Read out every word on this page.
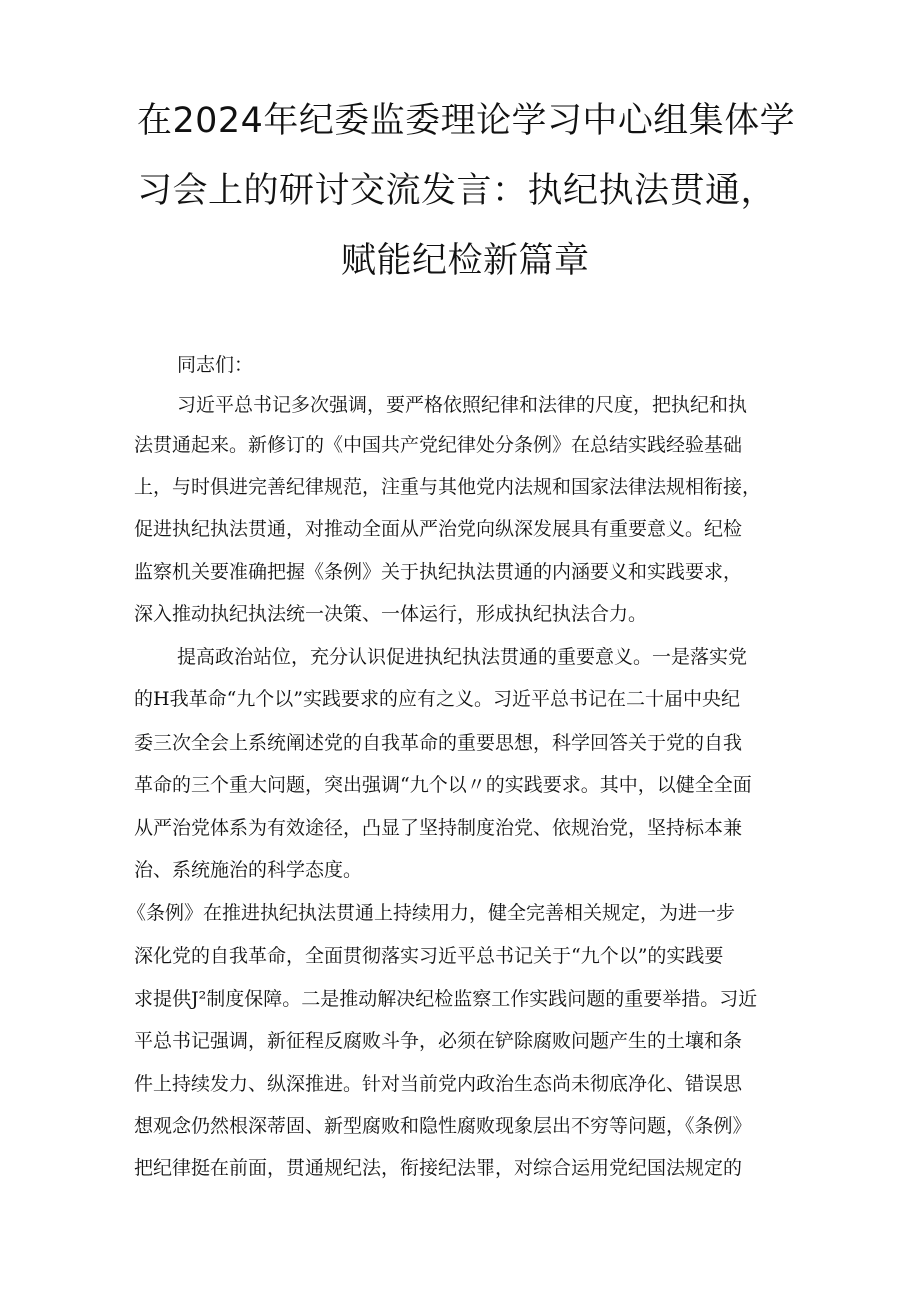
在2024年纪委监委理论学习中心组集体学
习会上的研讨交流发言：执纪执法贯通，
赋能纪检新篇章
同志们：
习近平总书记多次强调，要严格依照纪律和法律的尺度，把执纪和执
法贯通起来。新修订的《中国共产党纪律处分条例》在总结实践经验基础
上，与时俱进完善纪律规范，注重与其他党内法规和国家法律法规相衔接，
促进执纪执法贯通，对推动全面从严治党向纵深发展具有重要意义。纪检
监察机关要准确把握《条例》关于执纪执法贯通的内涵要义和实践要求，
深入推动执纪执法统一决策、一体运行，形成执纪执法合力。
提高政治站位，充分认识促进执纪执法贯通的重要意义。一是落实党
的H我革命“九个以”实践要求的应有之义。习近平总书记在二十届中央纪
委三次全会上系统阐述党的自我革命的重要思想，科学回答关于党的自我
革命的三个重大问题，突出强调“九个以〃的实践要求。其中，以健全全面
从严治党体系为有效途径，凸显了坚持制度治党、依规治党，坚持标本兼
治、系统施治的科学态度。
《条例》在推进执纪执法贯通上持续用力，健全完善相关规定，为进一步
深化党的自我革命，全面贯彻落实习近平总书记关于“九个以”的实践要
求提供J²制度保障。二是推动解决纪检监察工作实践问题的重要举措。习近
平总书记强调，新征程反腐败斗争，必须在铲除腐败问题产生的土壤和条
件上持续发力、纵深推进。针对当前党内政治生态尚未彻底净化、错误思
想观念仍然根深蒂固、新型腐败和隐性腐败现象层出不穷等问题，《条例》
把纪律挺在前面，贯通规纪法，衔接纪法罪，对综合运用党纪国法规定的
